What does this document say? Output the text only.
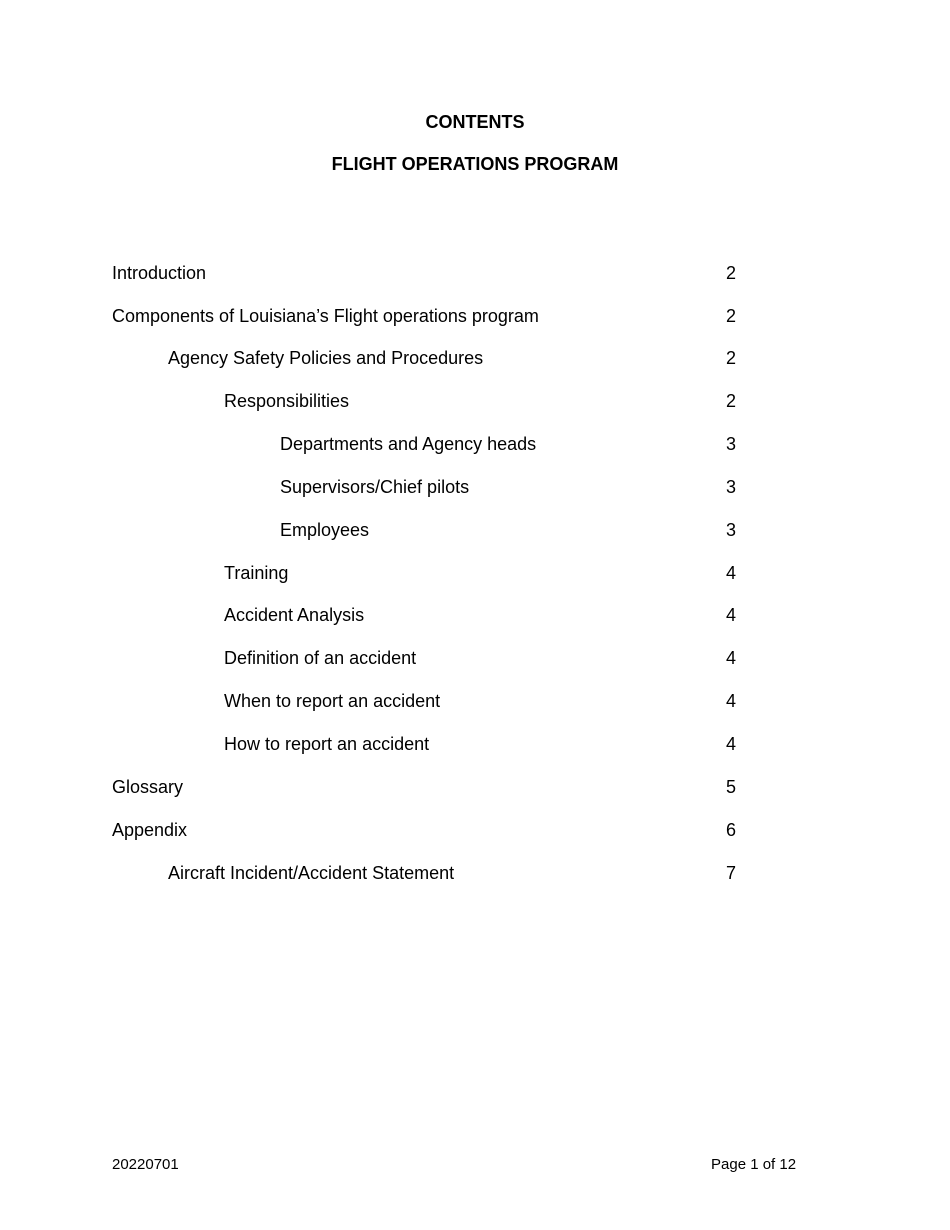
CONTENTS
FLIGHT OPERATIONS PROGRAM
Introduction	2
Components of Louisiana’s Flight operations program	2
Agency Safety Policies and Procedures	2
Responsibilities	2
Departments and Agency heads	3
Supervisors/Chief pilots	3
Employees	3
Training	4
Accident Analysis	4
Definition of an accident	4
When to report an accident	4
How to report an accident	4
Glossary	5
Appendix	6
Aircraft Incident/Accident Statement	7
20220701	Page 1 of 12
